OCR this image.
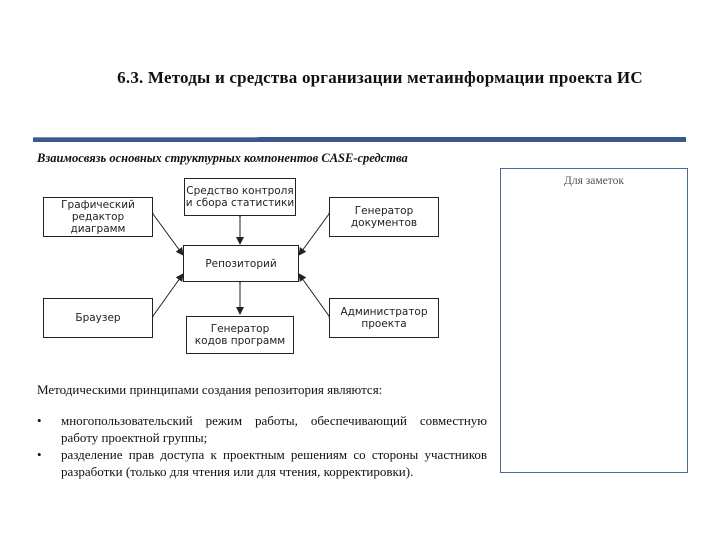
6.3. Методы и средства организации метаинформации проекта ИС
Взаимосвязь основных структурных компонентов CASE-средства
Для заметок
Средство контроля
и сбора статистики
Графический
редактор диаграмм
Генератор
документов
Репозиторий
Браузер	Администратор
проекта
Генератор
кодов программ
Методическими принципами создания репозитория являются:
• многопользовательский режим работы, обеспечивающий совместную работу проектной группы;
• разделение прав доступа к проектным решениям со стороны участников разработки (только для чтения или для чтения, корректировки).
